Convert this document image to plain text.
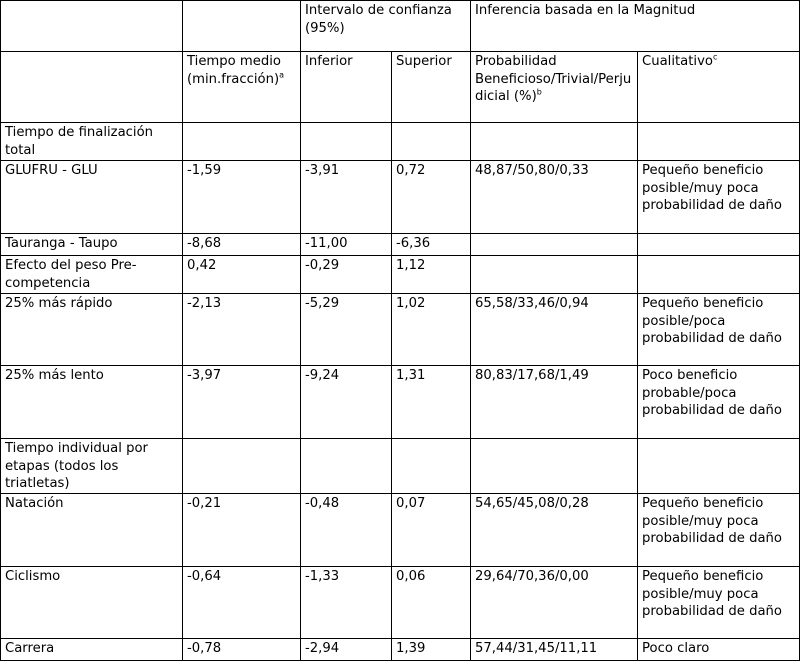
		Intervalo de confianza (95%)		Inferencia basada en la Magnitud	
	Tiempo medio (min.fracción)$^a$	Inferior	Superior	Probabilidad Beneficioso/Trivial/Perjudicial (%)$^b$	Cualitativo$^c$
Tiempo de finalización total					
GLUFRU - GLU	-1,59	-3,91	0,72	48,87/50,80/0,33	Pequeño beneficio posible/muy poca probabilidad de daño
Tauranga - Taupo	-8,68	-11,00	-6,36		
Efecto del peso Pre-competencia	0,42	-0,29	1,12		
25% más rápido	-2,13	-5,29	1,02	65,58/33,46/0,94	Pequeño beneficio posible/poca probabilidad de daño
25% más lento	-3,97	-9,24	1,31	80,83/17,68/1,49	Poco beneficio probable/poca probabilidad de daño
Tiempo individual por etapas (todos los triatletas)					
Natación	-0,21	-0,48	0,07	54,65/45,08/0,28	Pequeño beneficio posible/muy poca probabilidad de daño
Ciclismo	-0,64	-1,33	0,06	29,64/70,36/0,00	Pequeño beneficio posible/muy poca probabilidad de daño
Carrera	-0,78	-2,94	1,39	57,44/31,45/11,11	Poco claro
